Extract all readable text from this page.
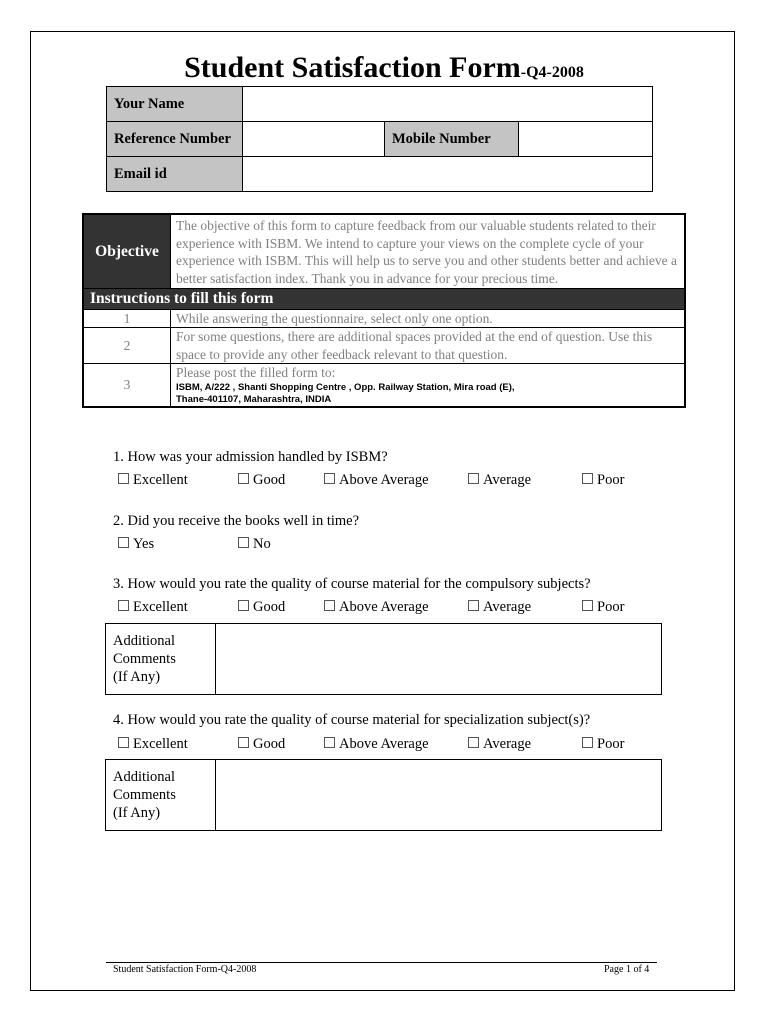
Student Satisfaction Form-Q4-2008
Your Name			
Reference Number		Mobile Number	
Email id			
Objective	The objective of this form to capture feedback from our valuable students related to their experience with ISBM. We intend to capture your views on the complete cycle of your experience with ISBM. This will help us to serve you and other students better and achieve a better satisfaction index. Thank you in advance for your precious time.
Instructions to fill this form	
1	While answering the questionnaire, select only one option.
2	For some questions, there are additional spaces provided at the end of question. Use this space to provide any other feedback relevant to that question.
3	Please post the filled form to:
ISBM, A/222 , Shanti Shopping Centre , Opp. Railway Station, Mira road (E),
Thane-401107, Maharashtra, INDIA
1. How was your admission handled by ISBM?
Excellent	Good	Above Average	Average	Poor
2. Did you receive the books well in time?
Yes	No
3. How would you rate the quality of course material for the compulsory subjects?
Excellent	Good	Above Average	Average	Poor
Additional
Comments
(If Any)
4. How would you rate the quality of course material for specialization subject(s)?
Excellent	Good	Above Average	Average	Poor
Additional
Comments
(If Any)
Student Satisfaction Form-Q4-2008	Page 1 of 4
